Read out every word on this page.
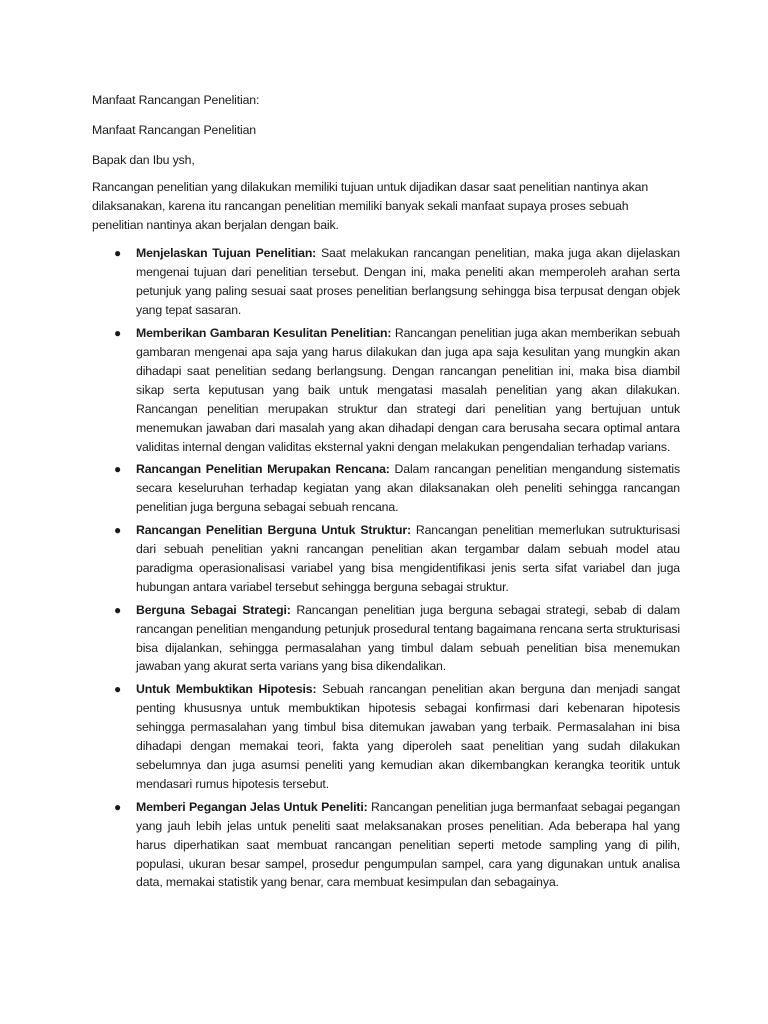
Manfaat Rancangan Penelitian:

Manfaat Rancangan Penelitian

Bapak dan Ibu ysh,

Rancangan penelitian yang dilakukan memiliki tujuan untuk dijadikan dasar saat penelitian nantinya akan dilaksanakan, karena itu rancangan penelitian memiliki banyak sekali manfaat supaya proses sebuah penelitian nantinya akan berjalan dengan baik.

● Menjelaskan Tujuan Penelitian: Saat melakukan rancangan penelitian, maka juga akan dijelaskan mengenai tujuan dari penelitian tersebut. Dengan ini, maka peneliti akan memperoleh arahan serta petunjuk yang paling sesuai saat proses penelitian berlangsung sehingga bisa terpusat dengan objek yang tepat sasaran.
● Memberikan Gambaran Kesulitan Penelitian: Rancangan penelitian juga akan memberikan sebuah gambaran mengenai apa saja yang harus dilakukan dan juga apa saja kesulitan yang mungkin akan dihadapi saat penelitian sedang berlangsung. Dengan rancangan penelitian ini, maka bisa diambil sikap serta keputusan yang baik untuk mengatasi masalah penelitian yang akan dilakukan. Rancangan penelitian merupakan struktur dan strategi dari penelitian yang bertujuan untuk menemukan jawaban dari masalah yang akan dihadapi dengan cara berusaha secara optimal antara validitas internal dengan validitas eksternal yakni dengan melakukan pengendalian terhadap varians.
● Rancangan Penelitian Merupakan Rencana: Dalam rancangan penelitian mengandung sistematis secara keseluruhan terhadap kegiatan yang akan dilaksanakan oleh peneliti sehingga rancangan penelitian juga berguna sebagai sebuah rencana.
● Rancangan Penelitian Berguna Untuk Struktur: Rancangan penelitian memerlukan sutrukturisasi dari sebuah penelitian yakni rancangan penelitian akan tergambar dalam sebuah model atau paradigma operasionalisasi variabel yang bisa mengidentifikasi jenis serta sifat variabel dan juga hubungan antara variabel tersebut sehingga berguna sebagai struktur.
● Berguna Sebagai Strategi: Rancangan penelitian juga berguna sebagai strategi, sebab di dalam rancangan penelitian mengandung petunjuk prosedural tentang bagaimana rencana serta strukturisasi bisa dijalankan, sehingga permasalahan yang timbul dalam sebuah penelitian bisa menemukan jawaban yang akurat serta varians yang bisa dikendalikan.
● Untuk Membuktikan Hipotesis: Sebuah rancangan penelitian akan berguna dan menjadi sangat penting khususnya untuk membuktikan hipotesis sebagai konfirmasi dari kebenaran hipotesis sehingga permasalahan yang timbul bisa ditemukan jawaban yang terbaik. Permasalahan ini bisa dihadapi dengan memakai teori, fakta yang diperoleh saat penelitian yang sudah dilakukan sebelumnya dan juga asumsi peneliti yang kemudian akan dikembangkan kerangka teoritik untuk mendasari rumus hipotesis tersebut.
● Memberi Pegangan Jelas Untuk Peneliti: Rancangan penelitian juga bermanfaat sebagai pegangan yang jauh lebih jelas untuk peneliti saat melaksanakan proses penelitian. Ada beberapa hal yang harus diperhatikan saat membuat rancangan penelitian seperti metode sampling yang di pilih, populasi, ukuran besar sampel, prosedur pengumpulan sampel, cara yang digunakan untuk analisa data, memakai statistik yang benar, cara membuat kesimpulan dan sebagainya.
